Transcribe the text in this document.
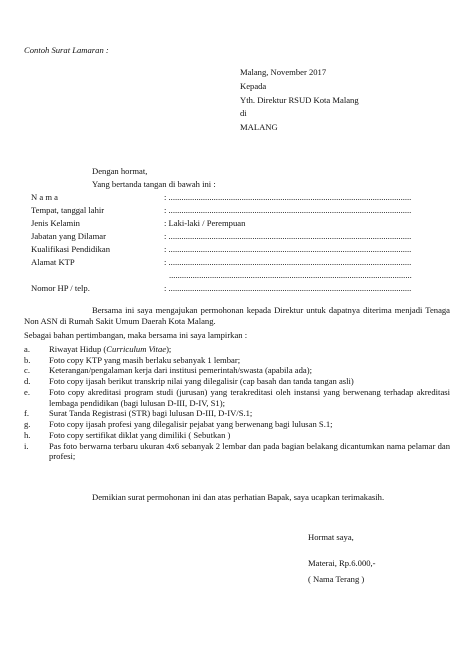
Contoh Surat Lamaran :
Malang, November 2017
Kepada
Yth. Direktur RSUD Kota Malang
di
MALANG
Dengan hormat,
Yang bertanda tangan di bawah ini :
N a m a	: .................................................................................................................
Tempat, tanggal lahir	: .................................................................................................................
Jenis Kelamin	: Laki-laki / Perempuan
Jabatan yang Dilamar	: .................................................................................................................
Kualifikasi Pendidikan	: .................................................................................................................
Alamat KTP	: .................................................................................................................
.................................................................................................................
Nomor HP / telp.	: .................................................................................................................
Bersama ini saya mengajukan permohonan kepada Direktur untuk dapatnya diterima menjadi Tenaga Non ASN di Rumah Sakit Umum Daerah Kota Malang.
Sebagai bahan pertimbangan, maka bersama ini saya lampirkan :
a. Riwayat Hidup (Curriculum Vitae);
b. Foto copy KTP yang masih berlaku sebanyak 1 lembar;
c. Keterangan/pengalaman kerja dari institusi pemerintah/swasta (apabila ada);
d. Foto copy ijasah berikut transkrip nilai yang dilegalisir (cap basah dan tanda tangan asli)
e. Foto copy akreditasi program studi (jurusan) yang terakreditasi oleh instansi yang berwenang terhadap akreditasi lembaga pendidikan (bagi lulusan D-III, D-IV, S1);
f. Surat Tanda Registrasi (STR) bagi lulusan D-III, D-IV/S.1;
g. Foto copy ijasah profesi yang dilegalisir pejabat yang berwenang bagi lulusan S.1;
h. Foto copy sertifikat diklat yang dimiliki ( Sebutkan )
i. Pas foto berwarna terbaru ukuran 4x6 sebanyak 2 lembar dan pada bagian belakang dicantumkan nama pelamar dan profesi;
Demikian surat permohonan ini dan atas perhatian Bapak, saya ucapkan terimakasih.
Hormat saya,
Materai, Rp.6.000,-
( Nama Terang )
